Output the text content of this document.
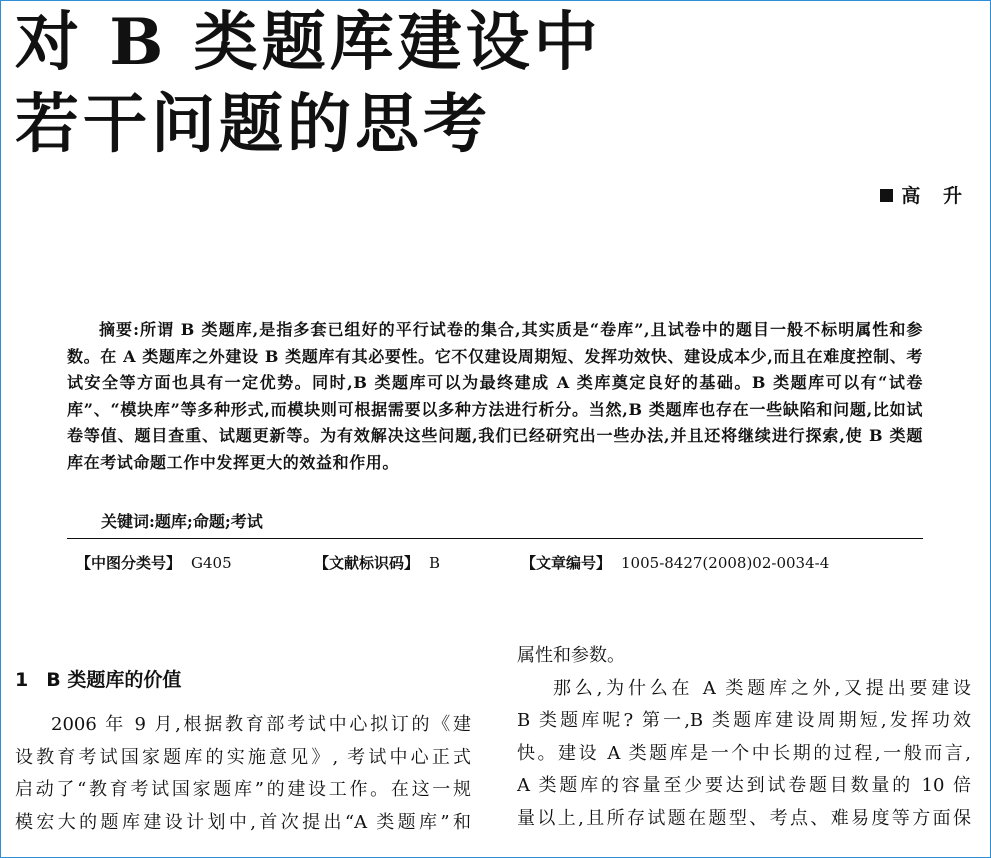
对 B 类题库建设中
若干问题的思考
高 升
摘要:所谓 B 类题库,是指多套已组好的平行试卷的集合,其实质是“卷库”,且试卷中的题目一般不标明属性和参数。在 A 类题库之外建设 B 类题库有其必要性。它不仅建设周期短、发挥功效快、建设成本少,而且在难度控制、考试安全等方面也具有一定优势。同时,B 类题库可以为最终建成 A 类库奠定良好的基础。B 类题库可以有“试卷库”、“模块库”等多种形式,而模块则可根据需要以多种方法进行析分。当然,B 类题库也存在一些缺陷和问题,比如试卷等值、题目查重、试题更新等。为有效解决这些问题,我们已经研究出一些办法,并且还将继续进行探索,使 B 类题库在考试命题工作中发挥更大的效益和作用。
关键词:题库;命题;考试
【中图分类号】 G405	【文献标识码】 B	【文章编号】 1005-8427(2008)02-0034-4
1 B 类题库的价值
2006 年 9 月,根据教育部考试中心拟订的《建
设教育考试国家题库的实施意见》, 考试中心正式
启动了“教育考试国家题库”的建设工作。在这一规
模宏大的题库建设计划中,首次提出“A 类题库”和
属性和参数。
那么,为什么在 A 类题库之外,又提出要建设
B 类题库呢? 第一,B 类题库建设周期短,发挥功效
快。建设 A 类题库是一个中长期的过程,一般而言,
A 类题库的容量至少要达到试卷题目数量的 10 倍
量以上,且所存试题在题型、考点、难易度等方面保
